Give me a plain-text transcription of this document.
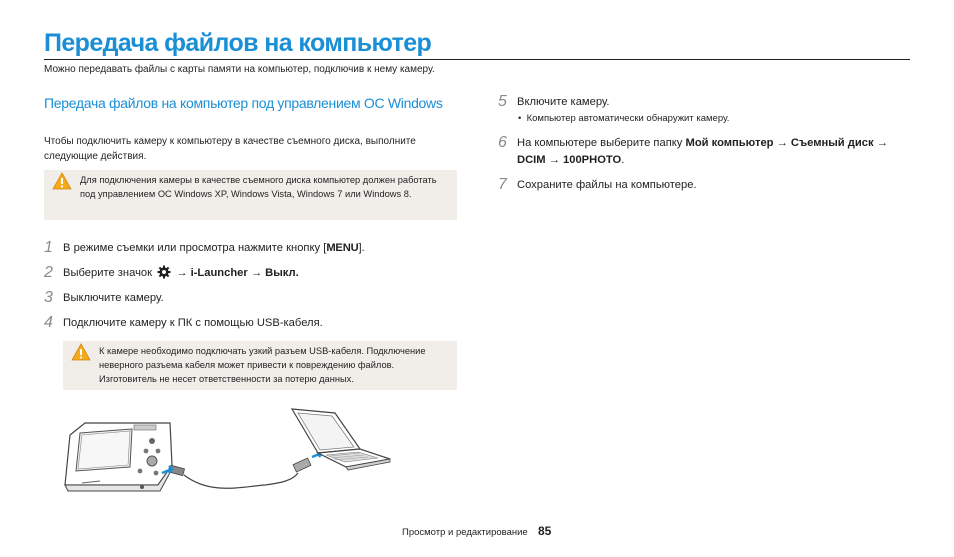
Передача файлов на компьютер
Можно передавать файлы с карты памяти на компьютер, подключив к нему камеру.
Передача файлов на компьютер под управлением ОС Windows
Чтобы подключить камеру к компьютеру в качестве съемного диска, выполните следующие действия.
Для подключения камеры в качестве съемного диска компьютер должен работать под управлением ОС Windows XP, Windows Vista, Windows 7 или Windows 8.
1 В режиме съемки или просмотра нажмите кнопку [MENU].
2 Выберите значок  → i-Launcher → Выкл.
3 Выключите камеру.
4 Подключите камеру к ПК с помощью USB-кабеля.
К камере необходимо подключать узкий разъем USB-кабеля. Подключение неверного разъема кабеля может привести к повреждению файлов. Изготовитель не несет ответственности за потерю данных.
5 Включите камеру.
•  Компьютер автоматически обнаружит камеру.
6 На компьютере выберите папку Мой компьютер → Съемный диск → DCIM → 100PHOTO.
7 Сохраните файлы на компьютере.
Просмотр и редактирование 85
